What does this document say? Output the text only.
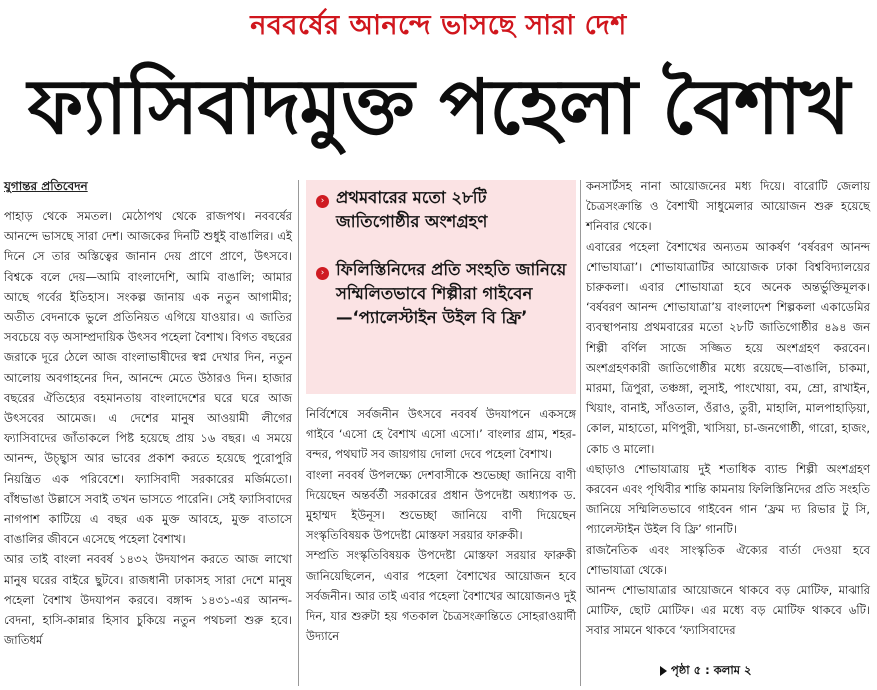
নববর্ষের আনন্দে ভাসছে সারা দেশ
ফ্যাসিবাদমুক্ত পহেলা বৈশাখ
যুগান্তর প্রতিবেদন

পাহাড় থেকে সমতল। মেঠোপথ থেকে রাজপথ। নববর্ষের আনন্দে ভাসছে সারা দেশ। আজকের দিনটি শুধুই বাঙালির। এই দিনে সে তার অস্তিত্বের জানান দেয় প্রাণে প্রাণে, উৎসবে। বিশ্বকে বলে দেয়—আমি বাংলাদেশি, আমি বাঙালি; আমার আছে গর্বের ইতিহাস। সংকল্প জানায় এক নতুন আগামীর; অতীত বেদনাকে ভুলে প্রতিনিয়ত এগিয়ে যাওয়ার। এ জাতির সবচেয়ে বড় অসাম্প্রদায়িক উৎসব পহেলা বৈশাখ। বিগত বছরের জরাকে দূরে ঠেলে আজ বাংলাভাষীদের স্বপ্ন দেখার দিন, নতুন আলোয় অবগাহনের দিন, আনন্দে মেতে উঠারও দিন। হাজার বছরের ঐতিহ্যের বহমানতায় বাংলাদেশের ঘরে ঘরে আজ উৎসবের আমেজ। এ দেশের মানুষ আওয়ামী লীগের ফ্যাসিবাদের জাঁতাকলে পিষ্ট হয়েছে প্রায় ১৬ বছর। এ সময়ে আনন্দ, উচ্ছ্বাস আর ভাবের প্রকাশ করতে হয়েছে পুরোপুরি নিয়ন্ত্রিত এক পরিবেশে। ফ্যাসিবাদী সরকারের মর্জিমতো। বাঁধভাঙা উল্লাসে সবাই তখন ভাসতে পারেনি। সেই ফ্যাসিবাদের নাগপাশ কাটিয়ে এ বছর এক মুক্ত আবহে, মুক্ত বাতাসে বাঙালির জীবনে এসেছে পহেলা বৈশাখ।

আর তাই বাংলা নববর্ষ ১৪৩২ উদযাপন করতে আজ লাখো মানুষ ঘরের বাইরে ছুটবে। রাজধানী ঢাকাসহ সারা দেশে মানুষ পহেলা বৈশাখ উদযাপন করবে। বঙ্গাব্দ ১৪৩১-এর আনন্দ-বেদনা, হাসি-কান্নার হিসাব চুকিয়ে নতুন পথচলা শুরু হবে। জাতিধর্ম

› প্রথমবারের মতো ২৮টি জাতিগোষ্ঠীর অংশগ্রহণ
› ফিলিস্তিনিদের প্রতি সংহতি জানিয়ে সম্মিলিতভাবে শিল্পীরা গাইবেন—‘প্যালেস্টাইন উইল বি ফ্রি’

নির্বিশেষে সর্বজনীন উৎসবে নববর্ষ উদযাপনে একসঙ্গে গাইবে ‘এসো হে বৈশাখ এসো এসো।’ বাংলার গ্রাম, শহর-বন্দর, পথঘাট সব জায়গায় দোলা দেবে পহেলা বৈশাখ।

বাংলা নববর্ষ উপলক্ষ্যে দেশবাসীকে শুভেচ্ছা জানিয়ে বাণী দিয়েছেন অন্তর্বর্তী সরকারের প্রধান উপদেষ্টা অধ্যাপক ড. মুহাম্মদ ইউনূস। শুভেচ্ছা জানিয়ে বাণী দিয়েছেন সংস্কৃতিবিষয়ক উপদেষ্টা মোস্তফা সরয়ার ফারুকী।

সম্প্রতি সংস্কৃতিবিষয়ক উপদেষ্টা মোস্তফা সরয়ার ফারুকী জানিয়েছিলেন, এবার পহেলা বৈশাখের আয়োজন হবে সর্বজনীন। আর তাই এবার পহেলা বৈশাখের আয়োজনও দুই দিন, যার শুরুটা হয় গতকাল চৈত্রসংক্রান্তিতে সোহরাওয়ার্দী উদ্যানে

কনসার্টসহ নানা আয়োজনের মধ্য দিয়ে। বারোটি জেলায় চৈত্রসংক্রান্তি ও বৈশাখী সাধুমেলার আয়োজন শুরু হয়েছে শনিবার থেকে।

এবারের পহেলা বৈশাখের অন্যতম আকর্ষণ ‘বর্ষবরণ আনন্দ শোভাযাত্রা’। শোভাযাত্রাটির আয়োজক ঢাকা বিশ্ববিদ্যালয়ের চারুকলা। এবার শোভাযাত্রা হবে অনেক অন্তর্ভুক্তিমূলক। ‘বর্ষবরণ আনন্দ শোভাযাত্রা’য় বাংলাদেশ শিল্পকলা একাডেমির ব্যবস্থাপনায় প্রথমবারের মতো ২৮টি জাতিগোষ্ঠীর ৪৯৪ জন শিল্পী বর্ণিল সাজে সজ্জিত হয়ে অংশগ্রহণ করবেন। অংশগ্রহণকারী জাতিগোষ্ঠীর মধ্যে রয়েছে—বাঙালি, চাকমা, মারমা, ত্রিপুরা, তঞ্চঙ্গা, লুসাই, পাংখোয়া, বম, ম্রো, রাখাইন, খিয়াং, বানাই, সাঁওতাল, ওঁরাও, তুরী, মাহালি, মালপাহাড়িয়া, কোল, মাহাতো, মণিপুরী, খাসিয়া, চা-জনগোষ্ঠী, গারো, হাজং, কোচ ও মালো।

এছাড়াও শোভাযাত্রায় দুই শতাধিক ব্যান্ড শিল্পী অংশগ্রহণ করবেন এবং পৃথিবীর শান্তি কামনায় ফিলিস্তিনিদের প্রতি সংহতি জানিয়ে সম্মিলিতভাবে গাইবেন গান ‘ফ্রম দ্য রিভার টু সি, প্যালেস্টাইন উইল বি ফ্রি’ গানটি।

রাজনৈতিক এবং সাংস্কৃতিক ঐক্যের বার্তা দেওয়া হবে শোভাযাত্রা থেকে।

আনন্দ শোভাযাত্রার আয়োজনে থাকবে বড় মোটিফ, মাঝারি মোটিফ, ছোট মোটিফ। এর মধ্যে বড় মোটিফ থাকবে ৬টি। সবার সামনে থাকবে ‘ফ্যাসিবাদের

পৃষ্ঠা ৫ : কলাম ২
